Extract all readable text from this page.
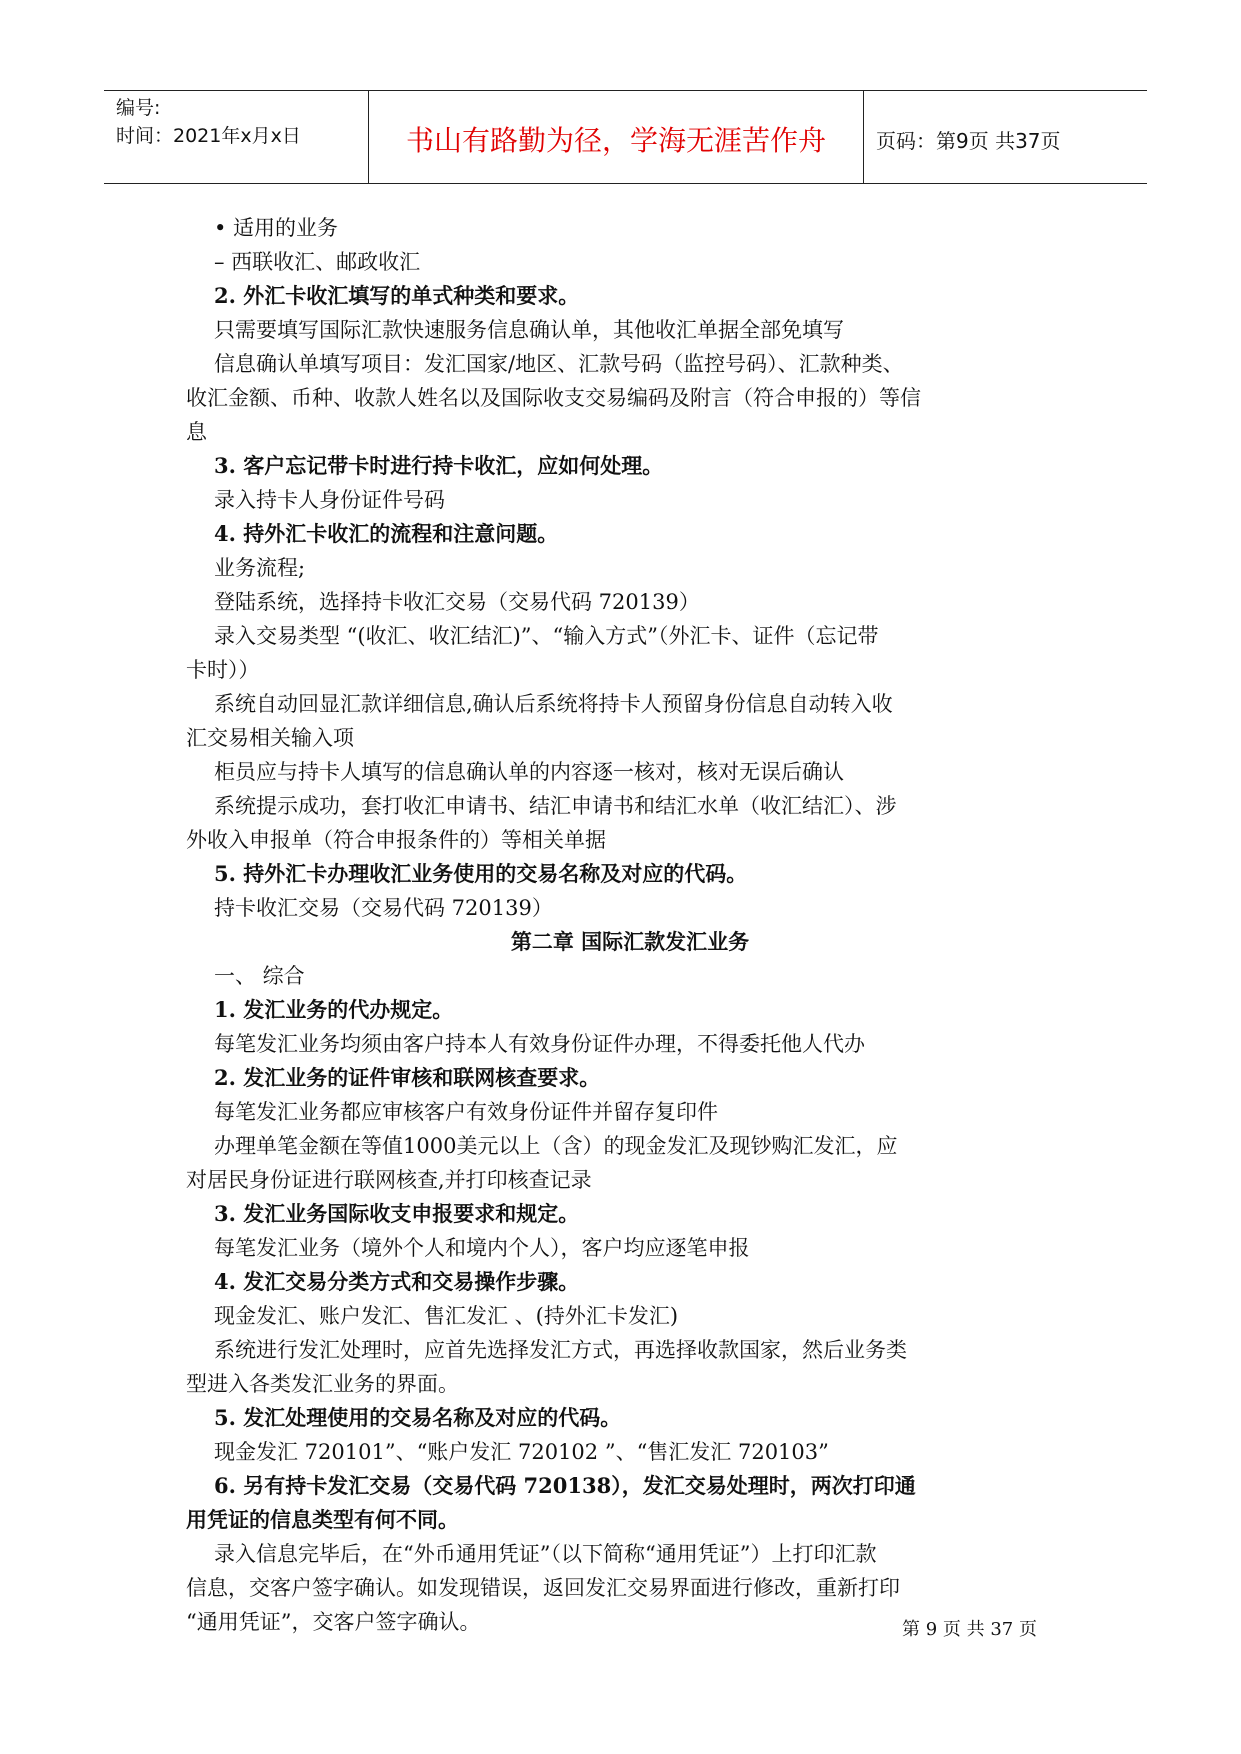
编号:
时间：2021年x月x日	书山有路勤为径，学海无涯苦作舟	页码：第9页 共37页
• 适用的业务
– 西联收汇、邮政收汇
2. 外汇卡收汇填写的单式种类和要求。
只需要填写国际汇款快速服务信息确认单，其他收汇单据全部免填写
信息确认单填写项目：发汇国家/地区、汇款号码（监控号码）、汇款种类、
收汇金额、币种、收款人姓名以及国际收支交易编码及附言（符合申报的）等信
息
3. 客户忘记带卡时进行持卡收汇，应如何处理。
录入持卡人身份证件号码
4. 持外汇卡收汇的流程和注意问题。
业务流程;
登陆系统，选择持卡收汇交易（交易代码 720139）
录入交易类型 “(收汇、收汇结汇)”、“输入方式”（外汇卡、证件（忘记带
卡时））
系统自动回显汇款详细信息,确认后系统将持卡人预留身份信息自动转入收
汇交易相关输入项
柜员应与持卡人填写的信息确认单的内容逐一核对，核对无误后确认
系统提示成功，套打收汇申请书、结汇申请书和结汇水单（收汇结汇）、涉
外收入申报单（符合申报条件的）等相关单据
5. 持外汇卡办理收汇业务使用的交易名称及对应的代码。
持卡收汇交易（交易代码 720139）
第二章 国际汇款发汇业务
一、 综合
1. 发汇业务的代办规定。
每笔发汇业务均须由客户持本人有效身份证件办理，不得委托他人代办
2. 发汇业务的证件审核和联网核查要求。
每笔发汇业务都应审核客户有效身份证件并留存复印件
办理单笔金额在等值1000美元以上（含）的现金发汇及现钞购汇发汇，应
对居民身份证进行联网核查,并打印核查记录
3. 发汇业务国际收支申报要求和规定。
每笔发汇业务（境外个人和境内个人），客户均应逐笔申报
4. 发汇交易分类方式和交易操作步骤。
现金发汇、账户发汇、售汇发汇 、(持外汇卡发汇)
系统进行发汇处理时，应首先选择发汇方式，再选择收款国家，然后业务类
型进入各类发汇业务的界面。
5. 发汇处理使用的交易名称及对应的代码。
现金发汇 720101”、“账户发汇 720102 ”、“售汇发汇 720103”
6. 另有持卡发汇交易（交易代码 720138），发汇交易处理时，两次打印通
用凭证的信息类型有何不同。
录入信息完毕后，在“外币通用凭证”（以下简称“通用凭证”）上打印汇款
信息，交客户签字确认。如发现错误，返回发汇交易界面进行修改，重新打印
“通用凭证”，交客户签字确认。	第 9 页 共 37 页
